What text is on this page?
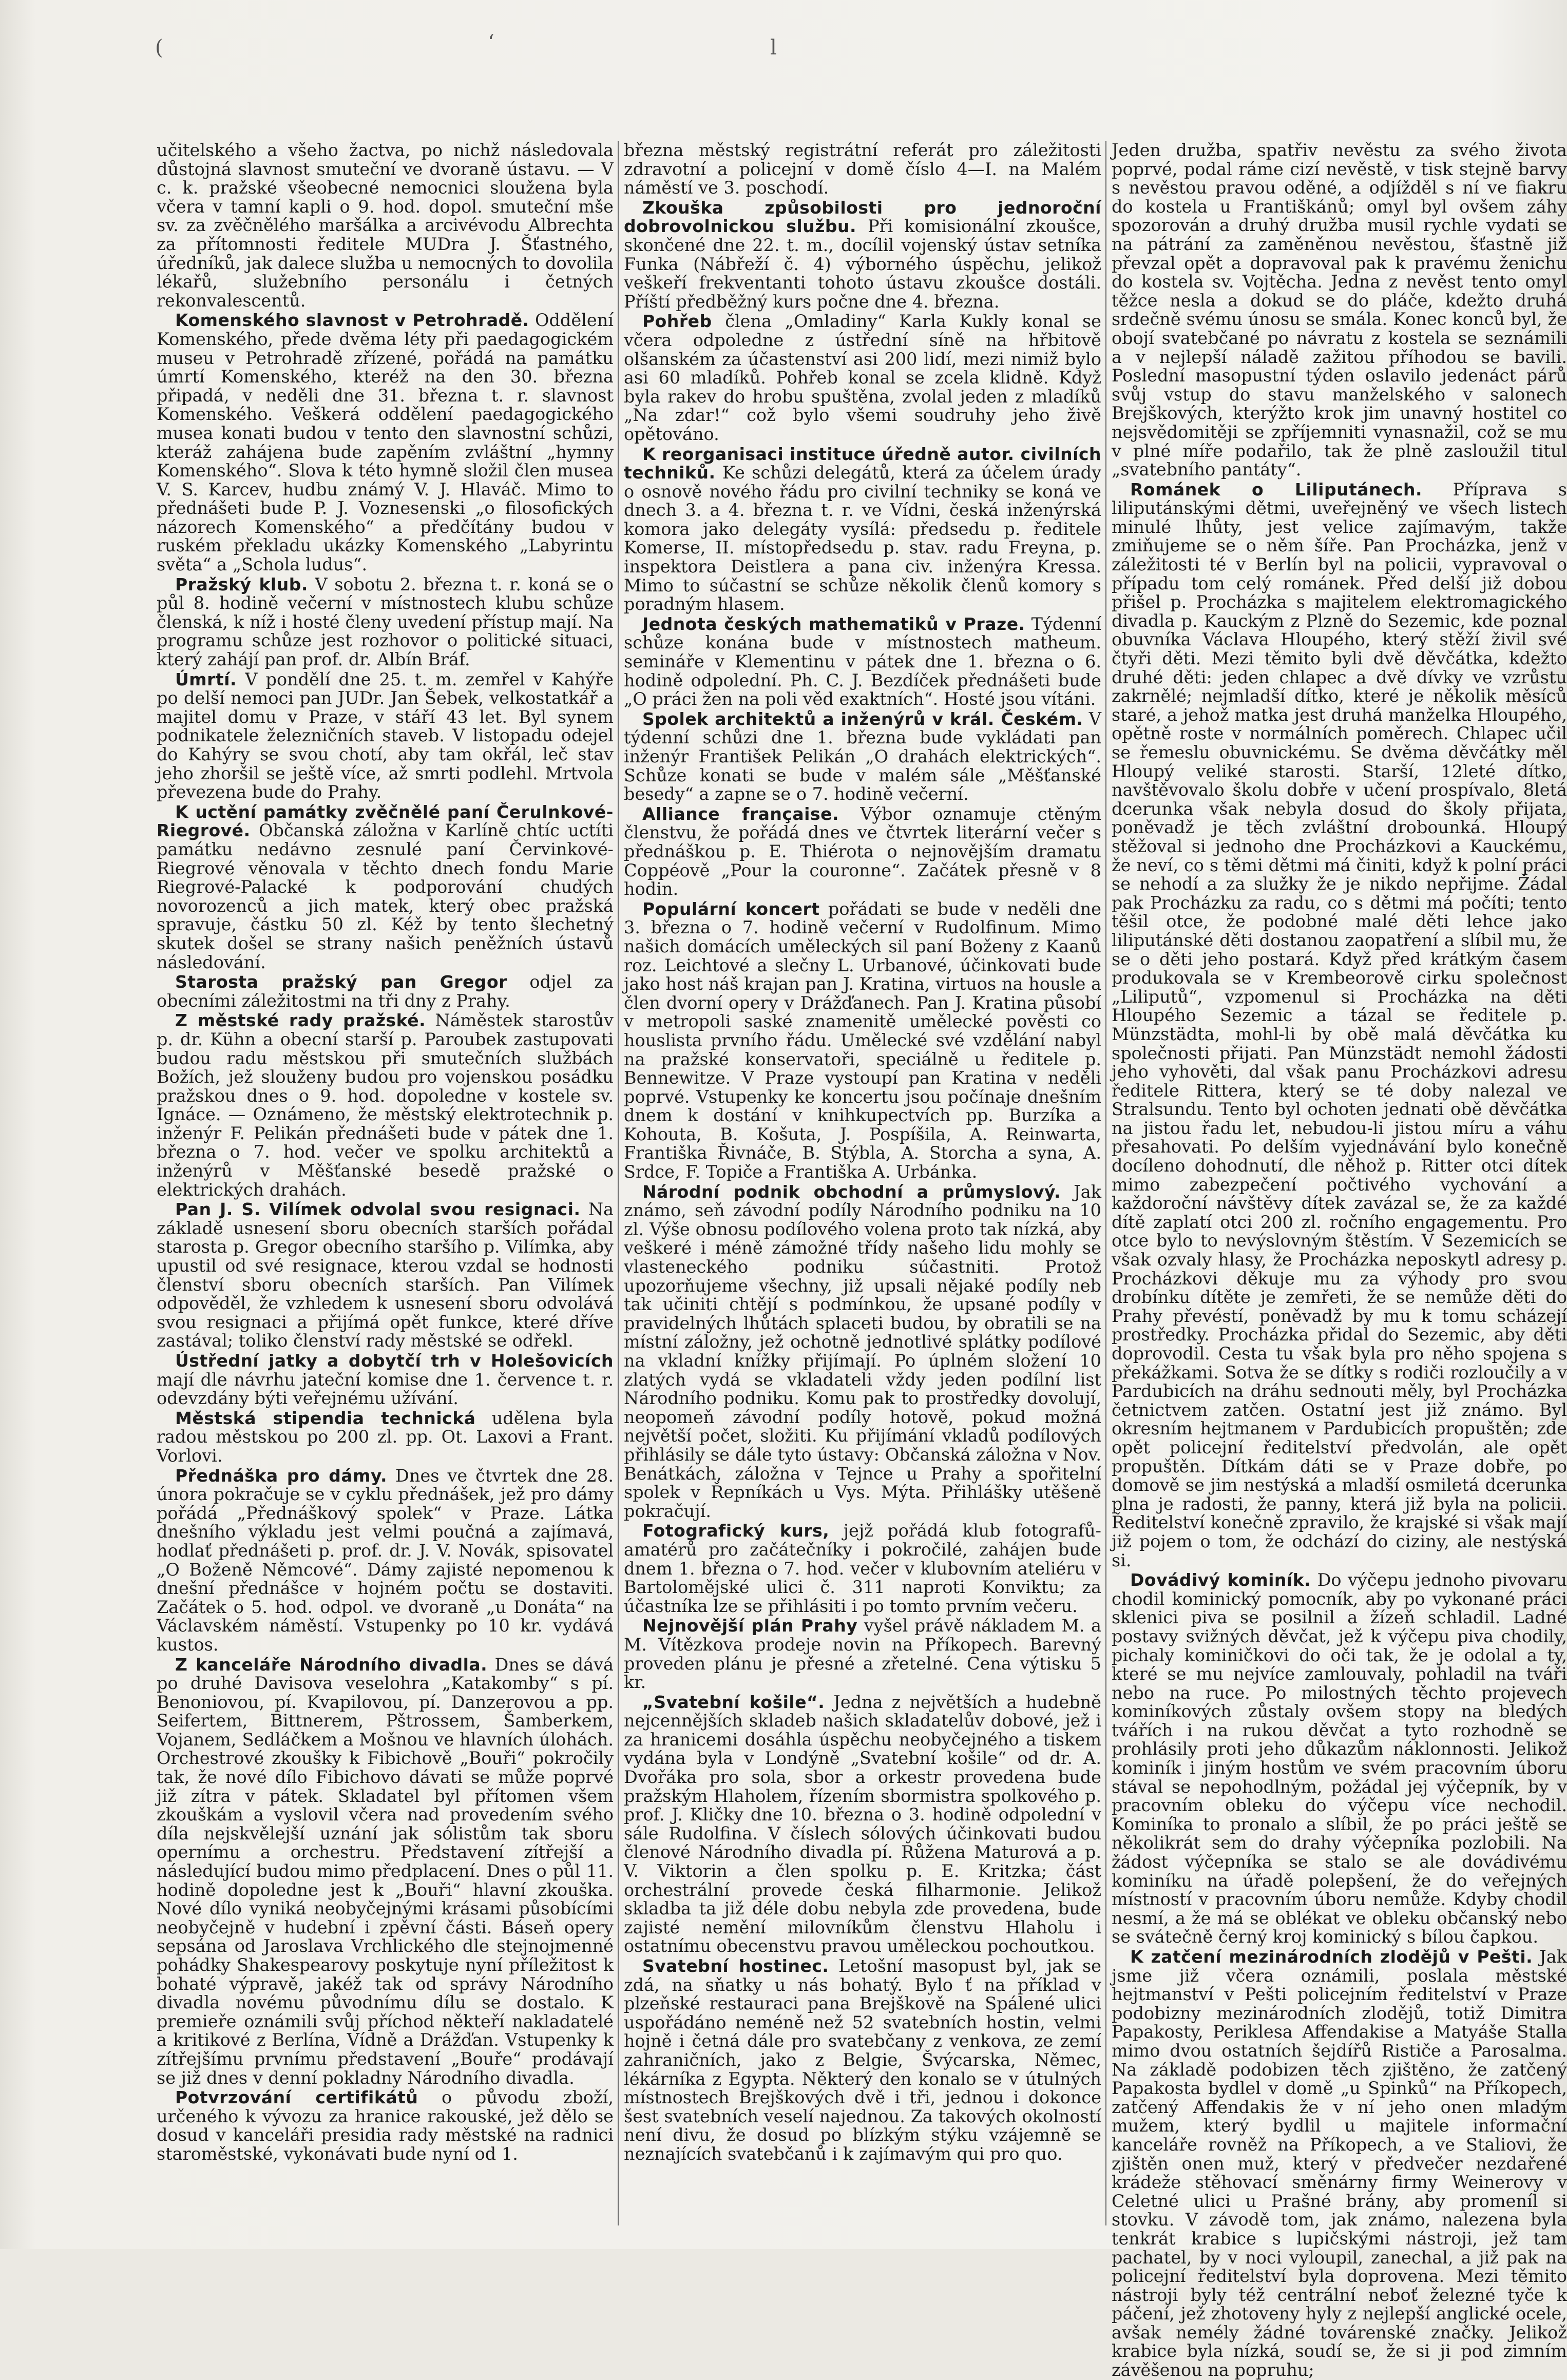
(	‘	l

učitelského a všeho žactva, po nichž následovala důstojná slavnost smuteční ve dvoraně ústavu. — V c. k. pražské všeobecné nemocnici sloužena byla včera v tamní kapli o 9. hod. dopol. smuteční mše sv. za zvěčnělého maršálka a arcivévodu Albrechta za přítomnosti ředitele MUDra J. Šťastného, úředníků, jak dalece služba u nemocných to dovolila lékařů, služebního personálu i četných rekonvalescentů.

Komenského slavnost v Petrohradě. Oddělení Komenského, přede dvěma léty při paedagogickém museu v Petrohradě zřízené, pořádá na památku úmrtí Komenského, kteréž na den 30. března připadá, v neděli dne 31. března t. r. slavnost Komenského. Veškerá oddělení paedagogického musea konati budou v tento den slavnostní schůzi, kteráž zahájena bude zapěním zvláštní „hymny Komenského“. Slova k této hymně složil člen musea V. S. Karcev, hudbu známý V. J. Hlaváč. Mimo to přednášeti bude P. J. Voznesenski „o filosofických názorech Komenského“ a předčítány budou v ruském překladu ukázky Komenského „Labyrintu světa“ a „Schola ludus“.

Pražský klub. V sobotu 2. března t. r. koná se o půl 8. hodině večerní v místnostech klubu schůze členská, k níž i hosté členy uvedení přístup mají. Na programu schůze jest rozhovor o politické situaci, který zahájí pan prof. dr. Albín Bráf.

Úmrtí. V pondělí dne 25. t. m. zemřel v Kahýře po delší nemoci pan JUDr. Jan Šebek, velkostatkář a majitel domu v Praze, v stáří 43 let. Byl synem podnikatele železničních staveb. V listopadu odejel do Kahýry se svou chotí, aby tam okřál, leč stav jeho zhoršil se ještě více, až smrti podlehl. Mrtvola převezena bude do Prahy.

K uctění památky zvěčnělé paní Čerulnkové-Riegrové. Občanská záložna v Karlíně chtíc uctíti památku nedávno zesnulé paní Červinkové-Riegrové věnovala v těchto dnech fondu Marie Riegrové-Palacké k podporování chudých novorozenců a jich matek, který obec pražská spravuje, částku 50 zl. Kéž by tento šlechetný skutek došel se strany našich peněžních ústavů následování.

Starosta pražský pan Gregor odjel za obecními záležitostmi na tři dny z Prahy.

Z městské rady pražské. Náměstek starostův p. dr. Kühn a obecní starší p. Paroubek zastupovati budou radu městskou při smutečních službách Božích, jež slouženy budou pro vojenskou posádku pražskou dnes o 9. hod. dopoledne v kostele sv. Ignáce. — Oznámeno, že městský elektrotechnik p. inženýr F. Pelikán přednášeti bude v pátek dne 1. března o 7. hod. večer ve spolku architektů a inženýrů v Měšťanské besedě pražské o elektrických drahách.

Pan J. S. Vilímek odvolal svou resignaci. Na základě usnesení sboru obecních starších pořádal starosta p. Gregor obecního staršího p. Vilímka, aby upustil od své resignace, kterou vzdal se hodnosti členství sboru obecních starších. Pan Vilímek odpověděl, že vzhledem k usnesení sboru odvolává svou resignaci a přijímá opět funkce, které dříve zastával; toliko členství rady městské se odřekl.

Ústřední jatky a dobytčí trh v Holešovicích mají dle návrhu jateční komise dne 1. července t. r. odevzdány býti veřejnému užívání.

Městská stipendia technická udělena byla radou městskou po 200 zl. pp. Ot. Laxovi a Frant. Vorlovi.

Přednáška pro dámy. Dnes ve čtvrtek dne 28. února pokračuje se v cyklu přednášek, jež pro dámy pořádá „Přednáškový spolek“ v Praze. Látka dnešního výkladu jest velmi poučná a zajímavá, hodlať přednášeti p. prof. dr. J. V. Novák, spisovatel „O Boženě Němcové“. Dámy zajisté nepomenou k dnešní přednášce v hojném počtu se dostaviti. Začátek o 5. hod. odpol. ve dvoraně „u Donáta“ na Václavském náměstí. Vstupenky po 10 kr. vydává kustos.

Z kanceláře Národního divadla. Dnes se dává po druhé Davisova veselohra „Katakomby“ s pí. Benoniovou, pí. Kvapilovou, pí. Danzerovou a pp. Seifertem, Bittnerem, Pštrossem, Šamberkem, Vojanem, Sedláčkem a Mošnou ve hlavních úlohách. Orchestrové zkoušky k Fibichově „Bouři“ pokročily tak, že nové dílo Fibichovo dávati se může poprvé již zítra v pátek. Skladatel byl přítomen všem zkouškám a vyslovil včera nad provedením svého díla nejskvělejší uznání jak sólistům tak sboru opernímu a orchestru. Představení zítřejší a následující budou mimo předplacení. Dnes o půl 11. hodině dopoledne jest k „Bouři“ hlavní zkouška. Nové dílo vyniká neobyčejnými krásami působícími neobyčejně v hudební i zpěvní části. Báseň opery sepsána od Jaroslava Vrchlického dle stejnojmenné pohádky Shakespearovy poskytuje nyní příležitost k bohaté výpravě, jakéž tak od správy Národního divadla novému původnímu dílu se dostalo. K premieře oznámili svůj příchod někteří nakladatelé a kritikové z Berlína, Vídně a Drážďan. Vstupenky k zítřejšímu prvnímu představení „Bouře“ prodávají se již dnes v denní pokladny Národního divadla.

Potvrzování certifikátů o původu zboží, určeného k vývozu za hranice rakouské, jež dělo se dosud v kanceláři presidia rady městské na radnici staroměstské, vykonávati bude nyní od 1.

března městský registrátní referát pro záležitosti zdravotní a policejní v domě číslo 4—I. na Malém náměstí ve 3. poschodí.

Zkouška způsobilosti pro jednoroční dobrovolnickou službu. Při komisionální zkoušce, skončené dne 22. t. m., docílil vojenský ústav setníka Funka (Nábřeží č. 4) výborného úspěchu, jelikož veškeří frekventanti tohoto ústavu zkoušce dostáli. Příští předběžný kurs počne dne 4. března.

Pohřeb člena „Omladiny“ Karla Kukly konal se včera odpoledne z ústřední síně na hřbitově olšanském za účastenství asi 200 lidí, mezi nimiž bylo asi 60 mladíků. Pohřeb konal se zcela klidně. Když byla rakev do hrobu spuštěna, zvolal jeden z mladíků „Na zdar!“ což bylo všemi soudruhy jeho živě opětováno.

K reorganisaci instituce úředně autor. civilních techniků. Ke schůzi delegátů, která za účelem úrady o osnově nového řádu pro civilní techniky se koná ve dnech 3. a 4. března t. r. ve Vídni, česká inženýrská komora jako delegáty vysílá: předsedu p. ředitele Komerse, II. místopředsedu p. stav. radu Freyna, p. inspektora Deistlera a pana civ. inženýra Kressa. Mimo to súčastní se schůze několik členů komory s poradným hlasem.

Jednota českých mathematiků v Praze. Týdenní schůze konána bude v místnostech matheum. semináře v Klementinu v pátek dne 1. března o 6. hodině odpolední. Ph. C. J. Bezdíček přednášeti bude „O práci žen na poli věd exaktních“. Hosté jsou vítáni.

Spolek architektů a inženýrů v král. Českém. V týdenní schůzi dne 1. března bude vykládati pan inženýr František Pelikán „O drahách elektrických“. Schůze konati se bude v malém sále „Měšťanské besedy“ a zapne se o 7. hodině večerní.

Alliance française. Výbor oznamuje ctěným členstvu, že pořádá dnes ve čtvrtek literární večer s přednáškou p. E. Thiérota o nejnovějším dramatu Coppéově „Pour la couronne“. Začátek přesně v 8 hodin.

Populární koncert pořádati se bude v neděli dne 3. března o 7. hodině večerní v Rudolfinum. Mimo našich domácích uměleckých sil paní Boženy z Kaanů roz. Leichtové a slečny L. Urbanové, účinkovati bude jako host náš krajan pan J. Kratina, virtuos na housle a člen dvorní opery v Drážďanech. Pan J. Kratina působí v metropoli saské znamenitě umělecké pověsti co houslista prvního řádu. Umělecké své vzdělání nabyl na pražské konservatoři, speciálně u ředitele p. Bennewitze. V Praze vystoupí pan Kratina v neděli poprvé. Vstupenky ke koncertu jsou počínaje dnešním dnem k dostání v knihkupectvích pp. Burzíka a Kohouta, B. Košuta, J. Pospíšila, A. Reinwarta, Františka Řivnáče, B. Stýbla, A. Storcha a syna, A. Srdce, F. Topiče a Františka A. Urbánka.

Národní podnik obchodní a průmyslový. Jak známo, seň závodní podíly Národního podniku na 10 zl. Výše obnosu podílového volena proto tak nízká, aby veškeré i méně zámožné třídy našeho lidu mohly se vlasteneckého podniku súčastniti. Protož upozorňujeme všechny, již upsali nějaké podíly neb tak učiniti chtějí s podmínkou, že upsané podíly v pravidelných lhůtách splaceti budou, by obratili se na místní záložny, jež ochotně jednotlivé splátky podílové na vkladní knížky přijímají. Po úplném složení 10 zlatých vydá se vkladateli vždy jeden podílní list Národního podniku. Komu pak to prostředky dovolují, neopomeň závodní podíly hotově, pokud možná největší počet, složiti. Ku přijímání vkladů podílových přihlásily se dále tyto ústavy: Občanská záložna v Nov. Benátkách, záložna v Tejnce u Prahy a spořitelní spolek v Řepníkách u Vys. Mýta. Přihlášky utěšeně pokračují.

Fotografický kurs, jejž pořádá klub fotografů-amatérů pro začátečníky i pokročilé, zahájen bude dnem 1. března o 7. hod. večer v klubovním ateliéru v Bartolomějské ulici č. 311 naproti Konviktu; za účastníka lze se přihlásiti i po tomto prvním večeru.

Nejnovější plán Prahy vyšel právě nákladem M. a M. Vítězkova prodeje novin na Příkopech. Barevný proveden plánu je přesné a zřetelné. Cena výtisku 5 kr.

„Svatební košile“. Jedna z největších a hudebně nejcennějších skladeb našich skladatelův dobové, jež i za hranicemi dosáhla úspěchu neobyčejného a tiskem vydána byla v Londýně „Svatební košile“ od dr. A. Dvořáka pro sola, sbor a orkestr provedena bude pražským Hlaholem, řízením sbormistra spolkového p. prof. J. Kličky dne 10. března o 3. hodině odpolední v sále Rudolfina. V číslech sólových účinkovati budou členové Národního divadla pí. Růžena Maturová a p. V. Viktorin a člen spolku p. E. Kritzka; část orchestrální provede česká filharmonie. Jelikož skladba ta již déle dobu nebyla zde provedena, bude zajisté nemění milovníkům členstvu Hlaholu i ostatnímu obecenstvu pravou uměleckou pochoutkou.

Svatební hostinec. Letošní masopust byl, jak se zdá, na sňatky u nás bohatý. Bylo ť na příklad v plzeňské restauraci pana Brejškově na Spálené ulici uspořádáno neméně než 52 svatebních hostin, velmi hojně i četná dále pro svatebčany z venkova, ze zemí zahraničních, jako z Belgie, Švýcarska, Němec, lékárníka z Egypta. Některý den konalo se v útulných místnostech Brejškových dvě i tři, jednou i dokonce šest svatebních veselí najednou. Za takových okolností není divu, že dosud po blízkým stýku vzájemně se neznajících svatebčanů i k zajímavým qui pro quo.

Jeden družba, spatřiv nevěstu za svého života poprvé, podal ráme cizí nevěstě, v tisk stejně barvy s nevěstou pravou oděné, a odjížděl s ní ve fiakru do kostela u Františkánů; omyl byl ovšem záhy spozorován a druhý družba musil rychle vydati se na pátrání za zaměněnou nevěstou, šťastně již převzal opět a dopravoval pak k pravému ženichu do kostela sv. Vojtěcha. Jedna z nevěst tento omyl těžce nesla a dokud se do pláče, kdežto druhá srdečně svému únosu se smála. Konec konců byl, že obojí svatebčané po návratu z kostela se seznámili a v nejlepší náladě zažitou příhodou se bavili. Poslední masopustní týden oslavilo jedenáct párů svůj vstup do stavu manželského v salonech Brejškových, kterýžto krok jim unavný hostitel co nejsvědomitěji se zpříjemniti vynasnažil, což se mu v plné míře podařilo, tak že plně zasloužil titul „svatebního pantáty“.

Románek o Liliputánech. Příprava s liliputánskými dětmi, uveřejněný ve všech listech minulé lhůty, jest velice zajímavým, takže zmiňujeme se o něm šíře. Pan Procházka, jenž v záležitosti té v Berlín byl na policii, vypravoval o případu tom celý románek. Před delší již dobou přišel p. Procházka s majitelem elektromagického divadla p. Kauckým z Plzně do Sezemic, kde poznal obuvníka Václava Hloupého, který stěží živil své čtyři děti. Mezi těmito byli dvě děvčátka, kdežto druhé děti: jeden chlapec a dvě dívky ve vzrůstu zakrnělé; nejmladší dítko, které je několik měsíců staré, a jehož matka jest druhá manželka Hloupého, opětně roste v normálních poměrech. Chlapec učil se řemeslu obuvnickému. Se dvěma děvčátky měl Hloupý veliké starosti. Starší, 12leté dítko, navštěvovalo školu dobře v učení prospívalo, 8letá dcerunka však nebyla dosud do školy přijata, poněvadž je těch zvláštní drobounká. Hloupý stěžoval si jednoho dne Procházkovi a Kauckému, že neví, co s těmi dětmi má činiti, když k polní práci se nehodí a za služky že je nikdo nepřijme. Žádal pak Procházku za radu, co s dětmi má počíti; tento těšil otce, že podobné malé děti lehce jako liliputánské děti dostanou zaopatření a slíbil mu, že se o děti jeho postará. Když před krátkým časem produkovala se v Krembeorově cirku společnost „Liliputů“, vzpomenul si Procházka na děti Hloupého Sezemic a tázal se ředitele p. Münzstädta, mohl-li by obě malá děvčátka ku společnosti přijati. Pan Münzstädt nemohl žádosti jeho vyhověti, dal však panu Procházkovi adresu ředitele Rittera, který se té doby nalezal ve Stralsundu. Tento byl ochoten jednati obě děvčátka na jistou řadu let, nebudou-li jistou míru a váhu přesahovati. Po delším vyjednávání bylo konečně docíleno dohodnutí, dle něhož p. Ritter otci dítek mimo zabezpečení počtivého vychování a každoroční návštěvy dítek zavázal se, že za každé dítě zaplatí otci 200 zl. ročního engagementu. Pro otce bylo to nevýslovným štěstím. V Sezemicích se však ozvaly hlasy, že Procházka neposkytl adresy p. Procházkovi děkuje mu za výhody pro svou drobínku dítěte je zemřeti, že se nemůže děti do Prahy převéstí, poněvadž by mu k tomu scházejí prostředky. Procházka přidal do Sezemic, aby děti doprovodil. Cesta tu však byla pro něho spojena s překážkami. Sotva že se dítky s rodiči rozloučily a v Pardubicích na dráhu sednouti měly, byl Procházka četnictvem zatčen. Ostatní jest již známo. Byl okresním hejtmanem v Pardubicích propuštěn; zde opět policejní ředitelství předvolán, ale opět propuštěn. Dítkám dáti se v Praze dobře, po domově se jim nestýská a mladší osmiletá dcerunka plna je radosti, že panny, která již byla na policii. Ředitelství konečně zpravilo, že krajské si však mají již pojem o tom, že odchází do ciziny, ale nestýská si.

Dovádivý kominík. Do výčepu jednoho pivovaru chodil kominický pomocník, aby po vykonané práci sklenici piva se posilnil a žízeň schladil. Ladné postavy svižných děvčat, jež k výčepu piva chodily, pichaly kominičkovi do oči tak, že je odolal a ty, které se mu nejvíce zamlouvaly, pohladil na tváři nebo na ruce. Po milostných těchto projevech kominíkových zůstaly ovšem stopy na bledých tvářích i na rukou děvčat a tyto rozhodně se prohlásily proti jeho důkazům náklonnosti. Jelikož kominík i jiným hostům ve svém pracovním úboru stával se nepohodlným, požádal jej výčepník, by v pracovním obleku do výčepu více nechodil. Kominíka to pronalo a slíbil, že po práci ještě se několikrát sem do drahy výčepníka pozlobili. Na žádost výčepníka se stalo se ale dovádivému kominíku na úřadě polepšení, že do veřejných místností v pracovním úboru nemůže. Kdyby chodil nesmí, a že má se oblékat ve obleku občanský nebo se svátečně černý kroj kominický s bílou čapkou.

K zatčení mezinárodních zlodějů v Pešti. Jak jsme již včera oznámili, poslala městské hejtmanství v Pešti policejním ředitelství v Praze podobizny mezinárodních zlodějů, totiž Dimitra Papakosty, Periklesa Affendakise a Matyáše Stalla mimo dvou ostatních šejdířů Rističe a Parosalma. Na základě podobizen těch zjištěno, že zatčený Papakosta bydlel v domě „u Spinků“ na Příkopech, zatčený Affendakis že v ní jeho onen mladým mužem, který bydlil u majitele informační kanceláře rovněž na Příkopech, a ve Staliovi, že zjištěn onen muž, který v předvečer nezdařené krádeže stěhovací směnárny firmy Weinerovy v Celetné ulici u Prašné brány, aby promeníl si stovku. V závodě tom, jak známo, nalezena byla tenkrát krabice s lupičskými nástroji, jež tam pachatel, by v noci vyloupil, zanechal, a již pak na policejní ředitelství byla doprovena. Mezi těmito nástroji byly též centrální neboť železné tyče k páčení, jež zhotoveny hyly z nejlepší anglické ocele, avšak nemély žádné továrenské značky. Jelikož krabice byla nízká, soudí se, že si ji pod zimním závěšenou na popruhu;
